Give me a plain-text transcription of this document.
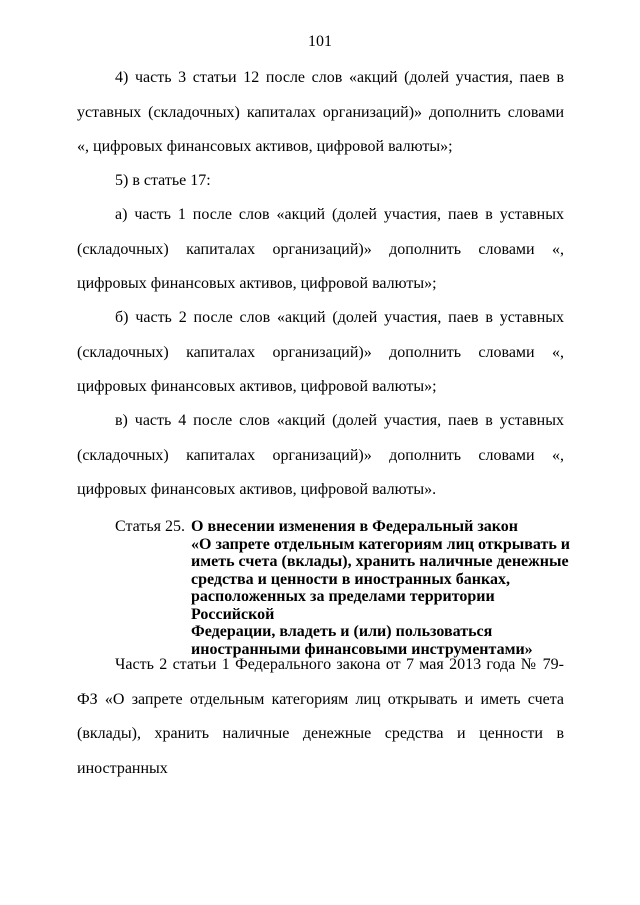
101

4) часть 3 статьи 12 после слов «акций (долей участия, паев в уставных (складочных) капиталах организаций)» дополнить словами «, цифровых финансовых активов, цифровой валюты»;

5) в статье 17:

а) часть 1 после слов «акций (долей участия, паев в уставных (складочных) капиталах организаций)» дополнить словами «, цифровых финансовых активов, цифровой валюты»;

б) часть 2 после слов «акций (долей участия, паев в уставных (складочных) капиталах организаций)» дополнить словами «, цифровых финансовых активов, цифровой валюты»;

в) часть 4 после слов «акций (долей участия, паев в уставных (складочных) капиталах организаций)» дополнить словами «, цифровых финансовых активов, цифровой валюты».

Статья 25. О внесении изменения в Федеральный закон
«О запрете отдельным категориям лиц открывать и
иметь счета (вклады), хранить наличные денежные
средства и ценности в иностранных банках,
расположенных за пределами территории Российской
Федерации, владеть и (или) пользоваться
иностранными финансовыми инструментами»

Часть 2 статьи 1 Федерального закона от 7 мая 2013 года № 79-ФЗ «О запрете отдельным категориям лиц открывать и иметь счета (вклады), хранить наличные денежные средства и ценности в иностранных
